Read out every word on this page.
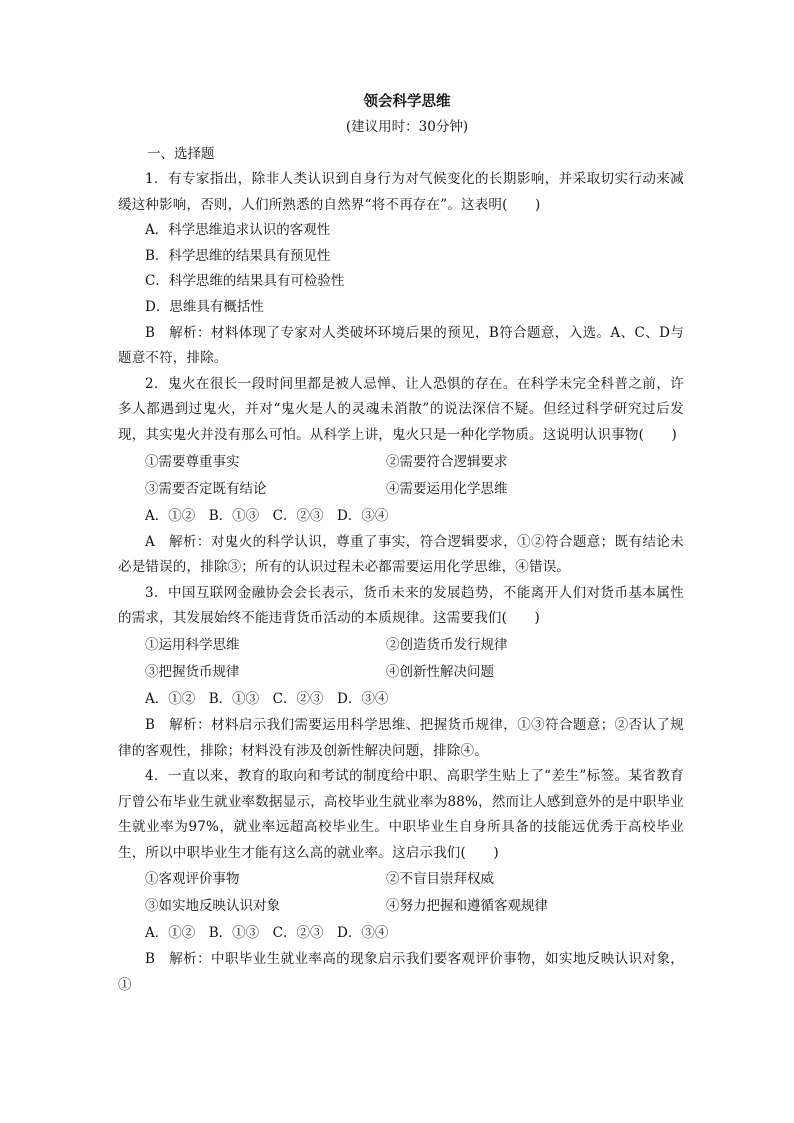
领会科学思维
(建议用时：30分钟)
一、选择题

1．有专家指出，除非人类认识到自身行为对气候变化的长期影响，并采取切实行动来减缓这种影响，否则，人们所熟悉的自然界“将不再存在”。这表明(　　)

A．科学思维追求认识的客观性

B．科学思维的结果具有预见性

C．科学思维的结果具有可检验性

D．思维具有概括性

B　解析：材料体现了专家对人类破坏环境后果的预见，B符合题意，入选。A、C、D与题意不符，排除。

2．鬼火在很长一段时间里都是被人忌惮、让人恐惧的存在。在科学未完全科普之前，许多人都遇到过鬼火，并对“鬼火是人的灵魂未消散”的说法深信不疑。但经过科学研究过后发现，其实鬼火并没有那么可怕。从科学上讲，鬼火只是一种化学物质。这说明认识事物(　　)

①需要尊重事实	②需要符合逻辑要求
③需要否定既有结论	④需要运用化学思维
A．①②　B．①③　C．②③　D．③④

A　解析：对鬼火的科学认识，尊重了事实，符合逻辑要求，①②符合题意；既有结论未必是错误的，排除③；所有的认识过程未必都需要运用化学思维，④错误。

3．中国互联网金融协会会长表示，货币未来的发展趋势，不能离开人们对货币基本属性的需求，其发展始终不能违背货币活动的本质规律。这需要我们(　　)

①运用科学思维	②创造货币发行规律
③把握货币规律	④创新性解决问题
A．①②　B．①③　C．②③　D．③④

B　解析：材料启示我们需要运用科学思维、把握货币规律，①③符合题意；②否认了规律的客观性，排除；材料没有涉及创新性解决问题，排除④。

4．一直以来，教育的取向和考试的制度给中职、高职学生贴上了“差生”标签。某省教育厅曾公布毕业生就业率数据显示，高校毕业生就业率为88%，然而让人感到意外的是中职毕业生就业率为97%，就业率远超高校毕业生。中职毕业生自身所具备的技能远优秀于高校毕业生，所以中职毕业生才能有这么高的就业率。这启示我们(　　)

①客观评价事物	②不盲目崇拜权威
③如实地反映认识对象	④努力把握和遵循客观规律
A．①②　B．①③　C．②③　D．③④

B　解析：中职毕业生就业率高的现象启示我们要客观评价事物，如实地反映认识对象，①
